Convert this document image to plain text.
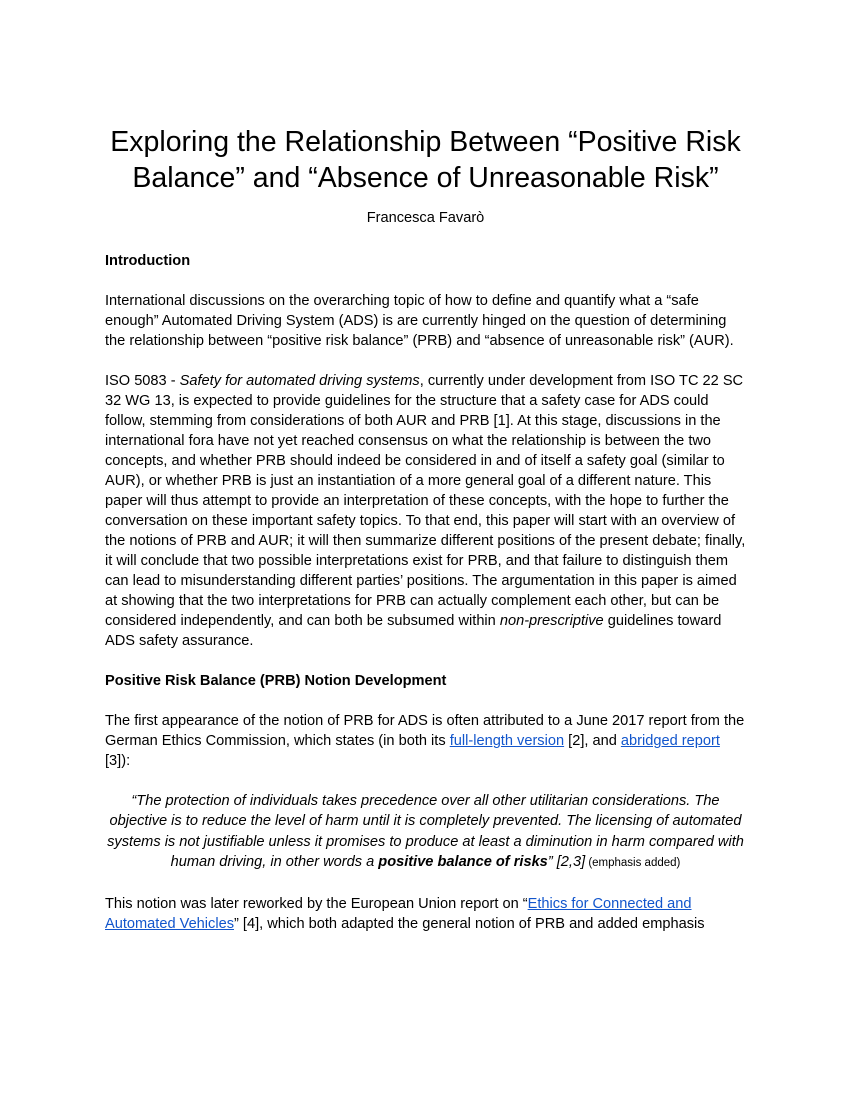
Exploring the Relationship Between “Positive Risk
Balance” and “Absence of Unreasonable Risk”
Francesca Favarò
Introduction

International discussions on the overarching topic of how to define and quantify what a “safe enough” Automated Driving System (ADS) is are currently hinged on the question of determining the relationship between “positive risk balance” (PRB) and “absence of unreasonable risk” (AUR).

ISO 5083 - Safety for automated driving systems, currently under development from ISO TC 22 SC 32 WG 13, is expected to provide guidelines for the structure that a safety case for ADS could follow, stemming from considerations of both AUR and PRB [1]. At this stage, discussions in the international fora have not yet reached consensus on what the relationship is between the two concepts, and whether PRB should indeed be considered in and of itself a safety goal (similar to AUR), or whether PRB is just an instantiation of a more general goal of a different nature. This paper will thus attempt to provide an interpretation of these concepts, with the hope to further the conversation on these important safety topics. To that end, this paper will start with an overview of the notions of PRB and AUR; it will then summarize different positions of the present debate; finally, it will conclude that two possible interpretations exist for PRB, and that failure to distinguish them can lead to misunderstanding different parties’ positions. The argumentation in this paper is aimed at showing that the two interpretations for PRB can actually complement each other, but can be considered independently, and can both be subsumed within non-prescriptive guidelines toward ADS safety assurance.

Positive Risk Balance (PRB) Notion Development

The first appearance of the notion of PRB for ADS is often attributed to a June 2017 report from the German Ethics Commission, which states (in both its full-length version [2], and abridged report [3]):

“The protection of individuals takes precedence over all other utilitarian considerations. The objective is to reduce the level of harm until it is completely prevented. The licensing of automated systems is not justifiable unless it promises to produce at least a diminution in harm compared with human driving, in other words a positive balance of risks” [2,3] (emphasis added)

This notion was later reworked by the European Union report on “Ethics for Connected and Automated Vehicles” [4], which both adapted the general notion of PRB and added emphasis
